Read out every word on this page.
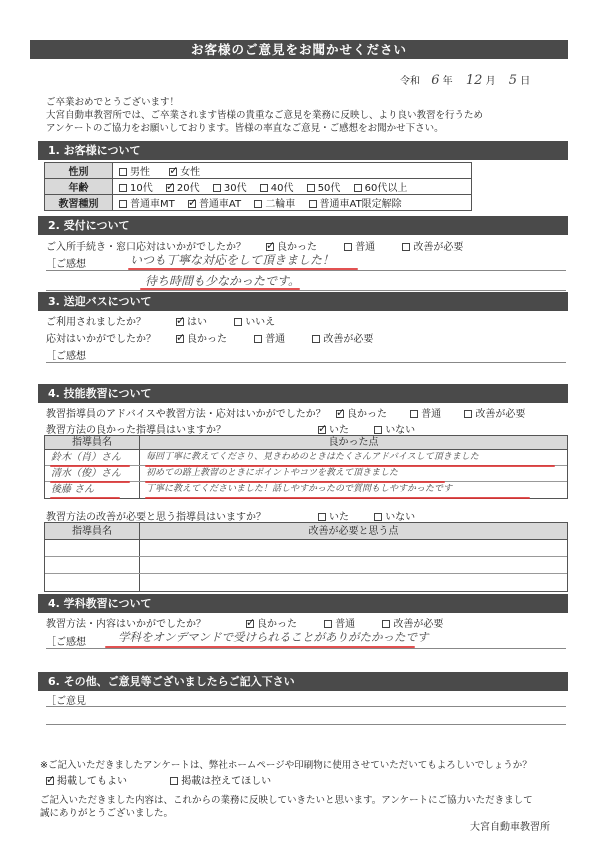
お客様のご意見をお聞かせください
令和 6 年 12 月 5 日
ご卒業おめでとうございます！
大宮自動車教習所では、ご卒業されます皆様の貴重なご意見を業務に反映し、より良い教習を行うため
アンケートのご協力をお願いしております。皆様の率直なご意見・ご感想をお聞かせ下さい。
1. お客様について
性別	男性 ✓ 女性
年齢	10代 ✓ 20代 30代 40代 50代 60代以上
教習種別	普通車MT ✓ 普通車AT 二輪車 普通車AT限定解除
2. 受付について
ご入所手続き・窓口応対はいかがでしたか？ ✓	良かった	普通	改善が必要
［ご感想	いつも丁寧な対応をして頂きました！
待ち時間も少なかったです。
3. 送迎バスについて
ご利用されましたか？ ✓	はい	いいえ
応対はいかがでしたか？ ✓	良かった	普通	改善が必要
［ご感想
4. 技能教習について
教習指導員のアドバイスや教習方法・応対はいかがでしたか？ ✓	良かった	普通	改善が必要
教習方法の良かった指導員はいますか？ ✓	いた	いない
指導員名	良かった点
鈴木（肖）さん	毎回丁寧に教えてくださり、見きわめのときはたくさんアドバイスして頂きました
清水（俊）さん	初めての路上教習のときにポイントやコツを教えて頂きました
後藤 さん	丁寧に教えてくださいました！話しやすかったので質問もしやすかったです
教習方法の改善が必要と思う指導員はいますか？	いた	いない
指導員名	改善が必要と思う点
4. 学科教習について
教習方法・内容はいかがでしたか？ ✓	良かった	普通	改善が必要
［ご感想	学科をオンデマンドで受けられることがありがたかったです
6. その他、ご意見等ございましたらご記入下さい
［ご意見
※ご記入いただきましたアンケートは、弊社ホームページや印刷物に使用させていただいてもよろしいでしょうか？
✓掲載してもよい	掲載は控えてほしい
ご記入いただきました内容は、これからの業務に反映していきたいと思います。アンケートにご協力いただきまして
誠にありがとうございました。
大宮自動車教習所
